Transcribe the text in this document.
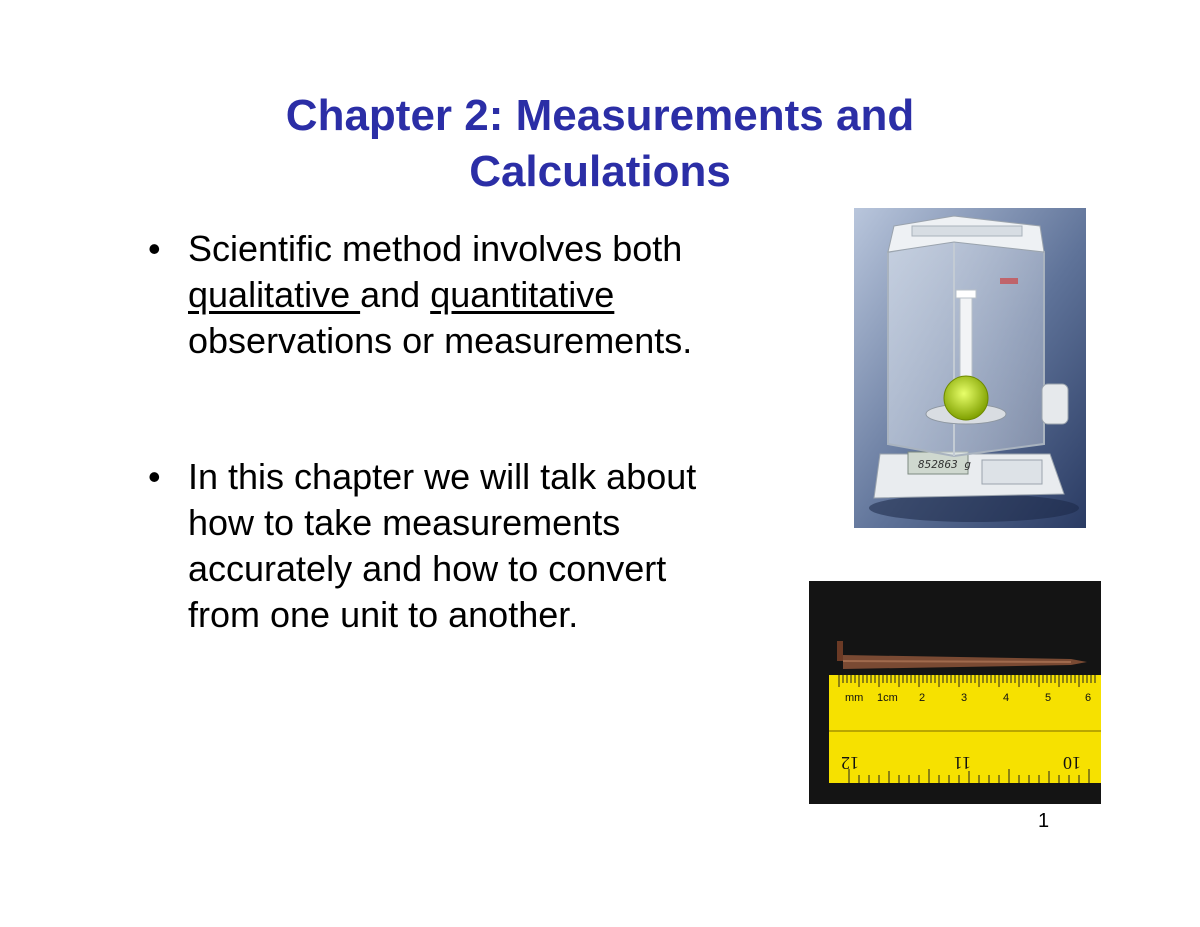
Chapter 2: Measurements and
Calculations
• Scientific method involves both
qualitative and quantitative
observations or measurements.
• In this chapter we will talk about
how to take measurements
accurately and how to convert
from one unit to another.
852863 g
mm 1cm 2	3	4	5	6
12	11	10
1
